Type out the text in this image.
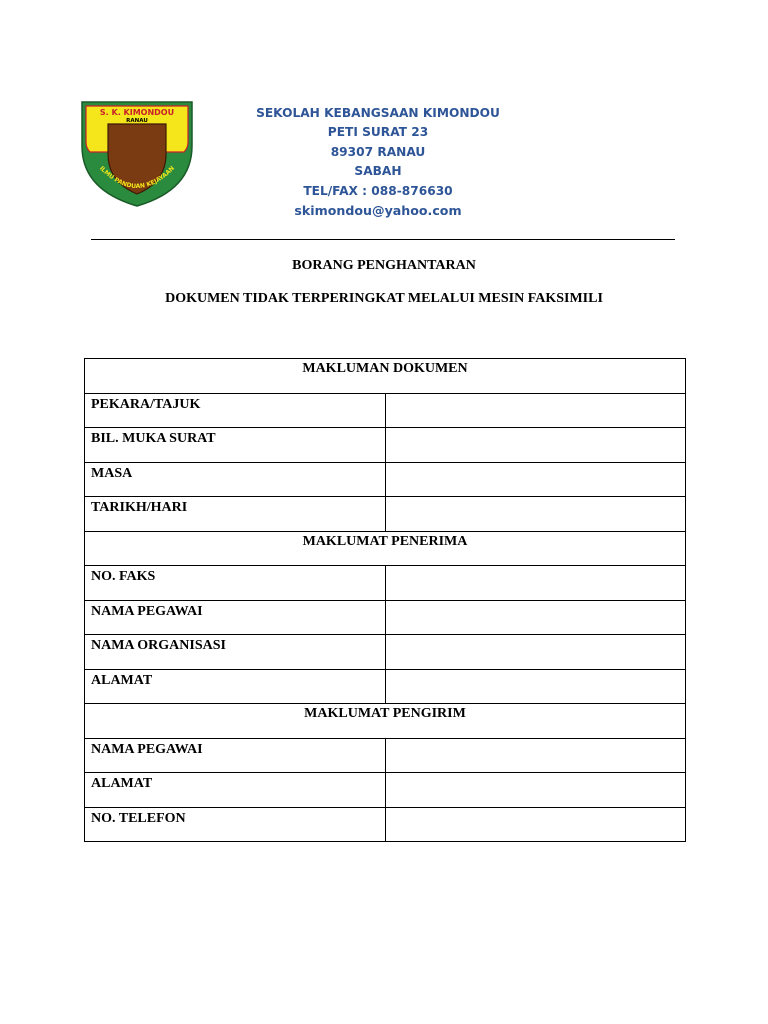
S. K. KIMONDOU
RANAU
ILMU PANDUAN KEJAYAAN
SEKOLAH KEBANGSAAN KIMONDOU
PETI SURAT 23
89307 RANAU
SABAH
TEL/FAX : 088-876630
skimondou@yahoo.com
BORANG PENGHANTARAN
DOKUMEN TIDAK TERPERINGKAT MELALUI MESIN FAKSIMILI
MAKLUMAN DOKUMEN	
PEKARA/TAJUK	
BIL. MUKA SURAT	
MASA	
TARIKH/HARI	
MAKLUMAT PENERIMA	
NO. FAKS	
NAMA PEGAWAI	
NAMA ORGANISASI	
ALAMAT	
MAKLUMAT PENGIRIM	
NAMA PEGAWAI	
ALAMAT	
NO. TELEFON	
